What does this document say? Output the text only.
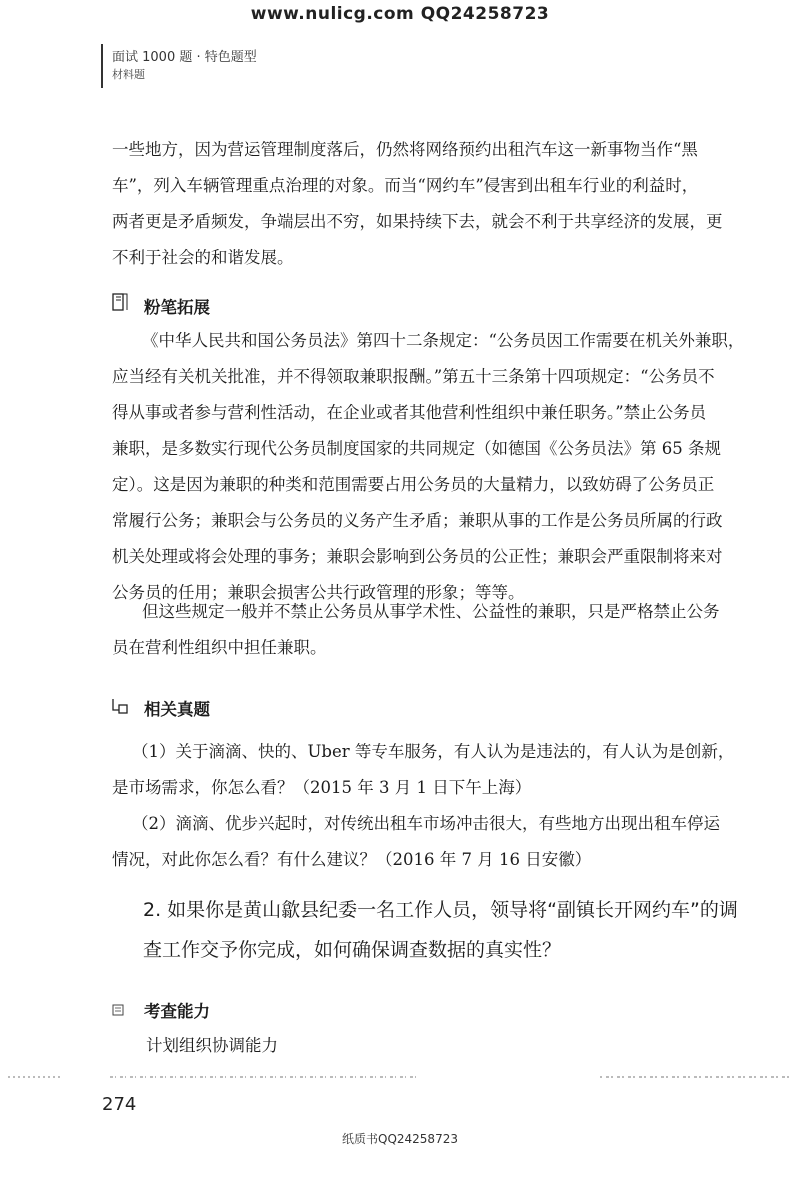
www.nulicg.com QQ24258723
面试 1000 题 · 特色题型
材料题
一些地方，因为营运管理制度落后，仍然将网络预约出租汽车这一新事物当作“黑
车”，列入车辆管理重点治理的对象。而当“网约车”侵害到出租车行业的利益时，
两者更是矛盾频发，争端层出不穷，如果持续下去，就会不利于共享经济的发展，更
不利于社会的和谐发展。
粉笔拓展
《中华人民共和国公务员法》第四十二条规定：“公务员因工作需要在机关外兼职，
应当经有关机关批准，并不得领取兼职报酬。”第五十三条第十四项规定：“公务员不
得从事或者参与营利性活动，在企业或者其他营利性组织中兼任职务。”禁止公务员
兼职，是多数实行现代公务员制度国家的共同规定（如德国《公务员法》第 65 条规
定）。这是因为兼职的种类和范围需要占用公务员的大量精力，以致妨碍了公务员正
常履行公务；兼职会与公务员的义务产生矛盾；兼职从事的工作是公务员所属的行政
机关处理或将会处理的事务；兼职会影响到公务员的公正性；兼职会严重限制将来对
公务员的任用；兼职会损害公共行政管理的形象；等等。
但这些规定一般并不禁止公务员从事学术性、公益性的兼职，只是严格禁止公务
员在营利性组织中担任兼职。
相关真题
（1）关于滴滴、快的、Uber 等专车服务，有人认为是违法的，有人认为是创新，
是市场需求，你怎么看？（2015 年 3 月 1 日下午上海）
（2）滴滴、优步兴起时，对传统出租车市场冲击很大，有些地方出现出租车停运
情况，对此你怎么看？有什么建议？（2016 年 7 月 16 日安徽）
2. 如果你是黄山歙县纪委一名工作人员，领导将“副镇长开网约车”的调
查工作交予你完成，如何确保调查数据的真实性？
考查能力
计划组织协调能力
274
纸质书QQ24258723
